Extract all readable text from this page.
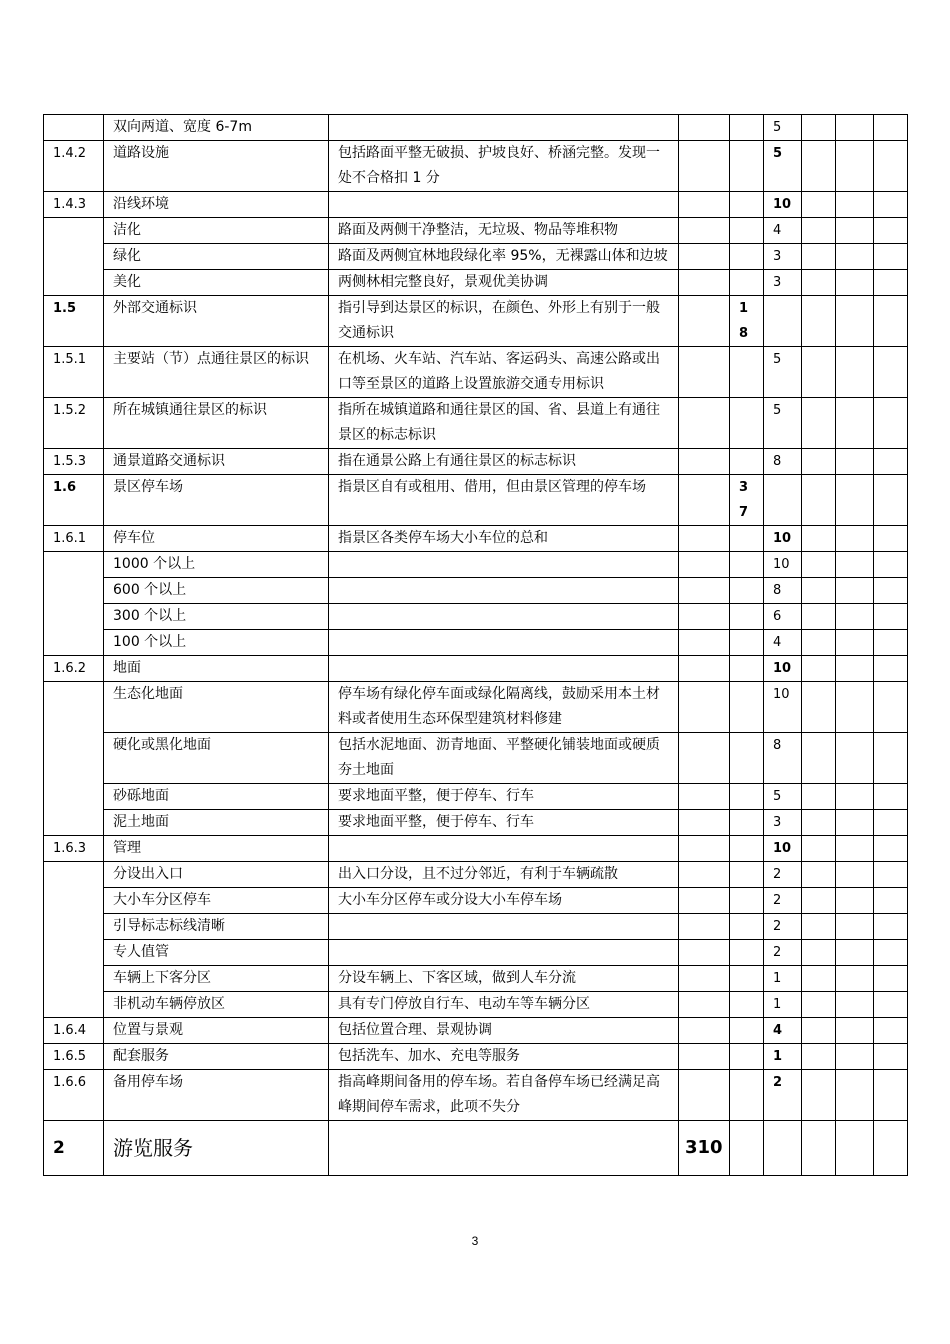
	双向两道、宽度 6-7m				5			
1.4.2	道路设施	包括路面平整无破损、护坡良好、桥涵完整。发现一处不合格扣 1 分			5			
1.4.3	沿线环境				10			
	洁化	路面及两侧干净整洁，无垃圾、物品等堆积物			4			
	绿化	路面及两侧宜林地段绿化率 95%，无裸露山体和边坡			3			
	美化	两侧林相完整良好，景观优美协调			3			
1.5	外部交通标识	指引导到达景区的标识，在颜色、外形上有别于一般交通标识		18				
1.5.1	主要站（节）点通往景区的标识	在机场、火车站、汽车站、客运码头、高速公路或出口等至景区的道路上设置旅游交通专用标识			5			
1.5.2	所在城镇通往景区的标识	指所在城镇道路和通往景区的国、省、县道上有通往景区的标志标识			5			
1.5.3	通景道路交通标识	指在通景公路上有通往景区的标志标识			8			
1.6	景区停车场	指景区自有或租用、借用，但由景区管理的停车场		37				
1.6.1	停车位	指景区各类停车场大小车位的总和			10			
	1000 个以上				10			
	600 个以上				8			
	300 个以上				6			
	100 个以上				4			
1.6.2	地面				10			
	生态化地面	停车场有绿化停车面或绿化隔离线，鼓励采用本土材料或者使用生态环保型建筑材料修建			10			
	硬化或黑化地面	包括水泥地面、沥青地面、平整硬化铺装地面或硬质夯土地面			8			
	砂砾地面	要求地面平整，便于停车、行车			5			
	泥土地面	要求地面平整，便于停车、行车			3			
1.6.3	管理				10			
	分设出入口	出入口分设，且不过分邻近，有利于车辆疏散			2			
	大小车分区停车	大小车分区停车或分设大小车停车场			2			
	引导标志标线清晰				2			
	专人值管				2			
	车辆上下客分区	分设车辆上、下客区域，做到人车分流			1			
	非机动车辆停放区	具有专门停放自行车、电动车等车辆分区			1			
1.6.4	位置与景观	包括位置合理、景观协调			4			
1.6.5	配套服务	包括洗车、加水、充电等服务			1			
1.6.6	备用停车场	指高峰期间备用的停车场。若自备停车场已经满足高峰期间停车需求，此项不失分			2			
2	游览服务		310					
3
